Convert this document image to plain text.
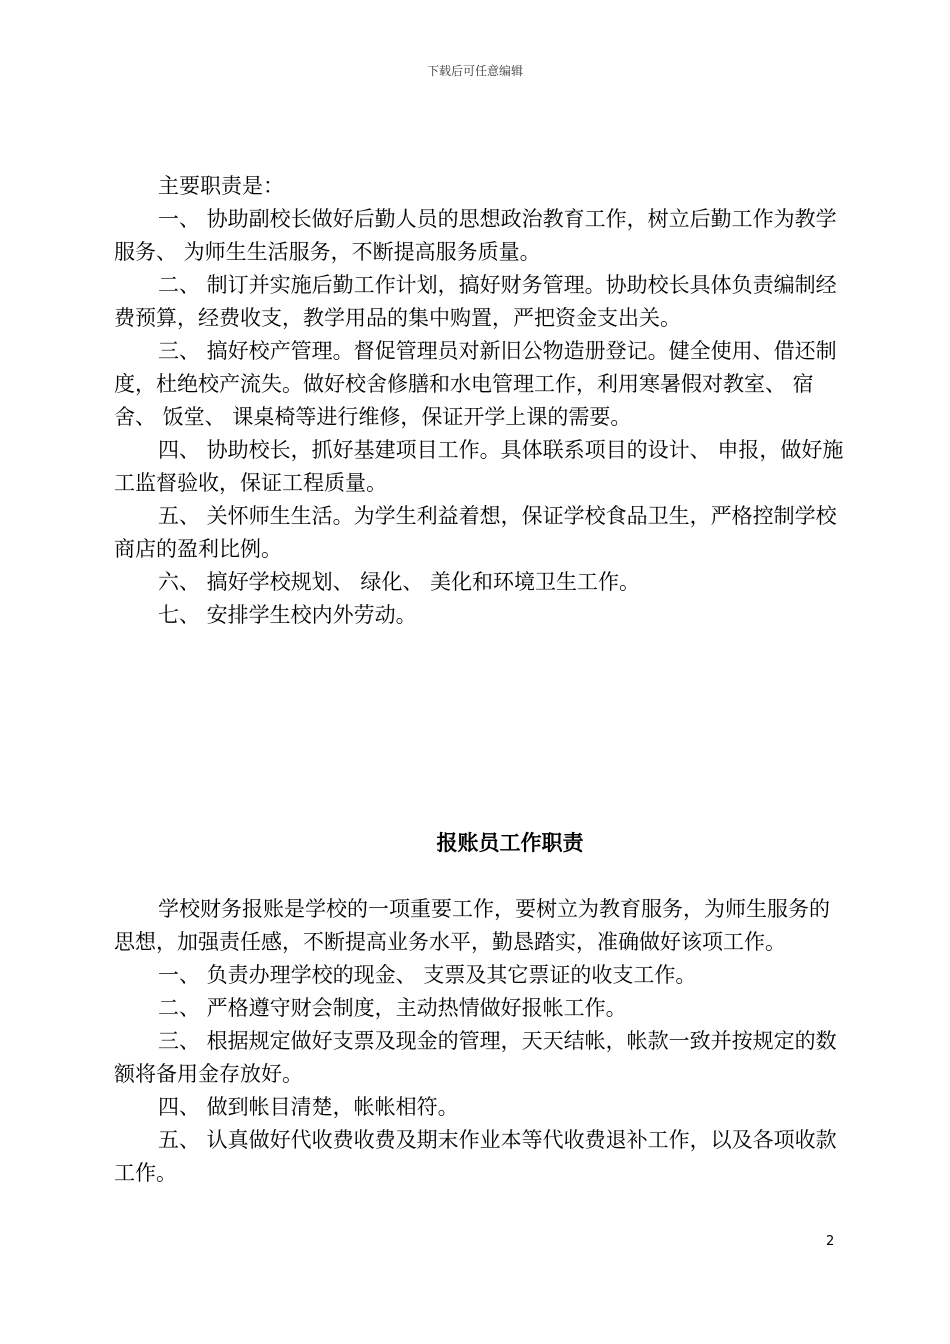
下载后可任意编辑

主要职责是：

一、 协助副校长做好后勤人员的思想政治教育工作，树立后勤工作为教学服务、 为师生生活服务，不断提高服务质量。

二、 制订并实施后勤工作计划，搞好财务管理。协助校长具体负责编制经费预算，经费收支，教学用品的集中购置，严把资金支出关。

三、 搞好校产管理。督促管理员对新旧公物造册登记。健全使用、借还制度，杜绝校产流失。做好校舍修膳和水电管理工作，利用寒暑假对教室、 宿舍、 饭堂、 课桌椅等进行维修，保证开学上课的需要。

四、 协助校长，抓好基建项目工作。具体联系项目的设计、 申报，做好施工监督验收，保证工程质量。

五、 关怀师生生活。为学生利益着想，保证学校食品卫生，严格控制学校商店的盈利比例。

六、 搞好学校规划、 绿化、 美化和环境卫生工作。

七、 安排学生校内外劳动。

报账员工作职责

学校财务报账是学校的一项重要工作，要树立为教育服务，为师生服务的思想，加强责任感，不断提高业务水平，勤恳踏实，准确做好该项工作。

一、 负责办理学校的现金、 支票及其它票证的收支工作。

二、 严格遵守财会制度，主动热情做好报帐工作。

三、 根据规定做好支票及现金的管理，天天结帐，帐款一致并按规定的数额将备用金存放好。

四、 做到帐目清楚，帐帐相符。

五、 认真做好代收费收费及期末作业本等代收费退补工作，以及各项收款工作。

2
